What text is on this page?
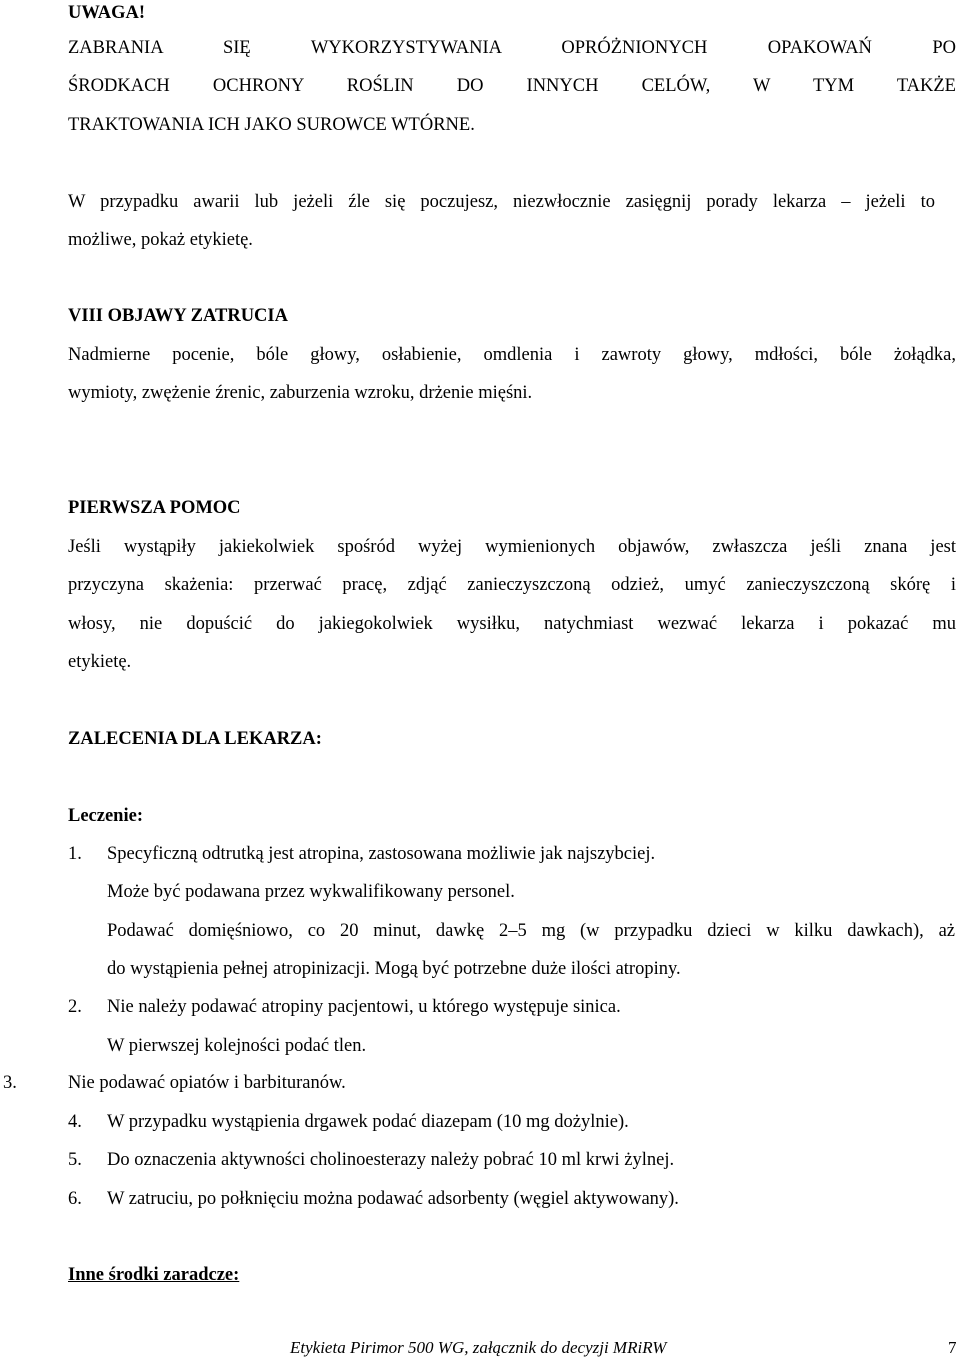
UWAGA!
ZABRANIA SIĘ WYKORZYSTYWANIA OPRÓŻNIONYCH OPAKOWAŃ PO
ŚRODKACH OCHRONY ROŚLIN DO INNYCH CELÓW, W TYM TAKŻE
TRAKTOWANIA ICH JAKO SUROWCE WTÓRNE.
W przypadku awarii lub jeżeli źle się poczujesz, niezwłocznie zasięgnij porady lekarza – jeżeli to
możliwe, pokaż etykietę.
VIII OBJAWY ZATRUCIA
Nadmierne pocenie, bóle głowy, osłabienie, omdlenia i zawroty głowy, mdłości, bóle żołądka,
wymioty, zwężenie źrenic, zaburzenia wzroku, drżenie mięśni.
PIERWSZA POMOC
Jeśli wystąpiły jakiekolwiek spośród wyżej wymienionych objawów, zwłaszcza jeśli znana jest
przyczyna skażenia: przerwać pracę, zdjąć zanieczyszczoną odzież, umyć zanieczyszczoną skórę i
włosy, nie dopuścić do jakiegokolwiek wysiłku, natychmiast wezwać lekarza i pokazać mu
etykietę.
ZALECENIA DLA LEKARZA:
Leczenie:
1. Specyficzną odtrutką jest atropina, zastosowana możliwie jak najszybciej.
Może być podawana przez wykwalifikowany personel.
Podawać domięśniowo, co 20 minut, dawkę 2–5 mg (w przypadku dzieci w kilku dawkach), aż
do wystąpienia pełnej atropinizacji. Mogą być potrzebne duże ilości atropiny.
2. Nie należy podawać atropiny pacjentowi, u którego występuje sinica.
W pierwszej kolejności podać tlen.
3.	Nie podawać opiatów i barbituranów.
4. W przypadku wystąpienia drgawek podać diazepam (10 mg dożylnie).
5. Do oznaczenia aktywności cholinoesterazy należy pobrać 10 ml krwi żylnej.
6. W zatruciu, po połknięciu można podawać adsorbenty (węgiel aktywowany).
Inne środki zaradcze:
Etykieta Pirimor 500 WG, załącznik do decyzji MRiRW	7
